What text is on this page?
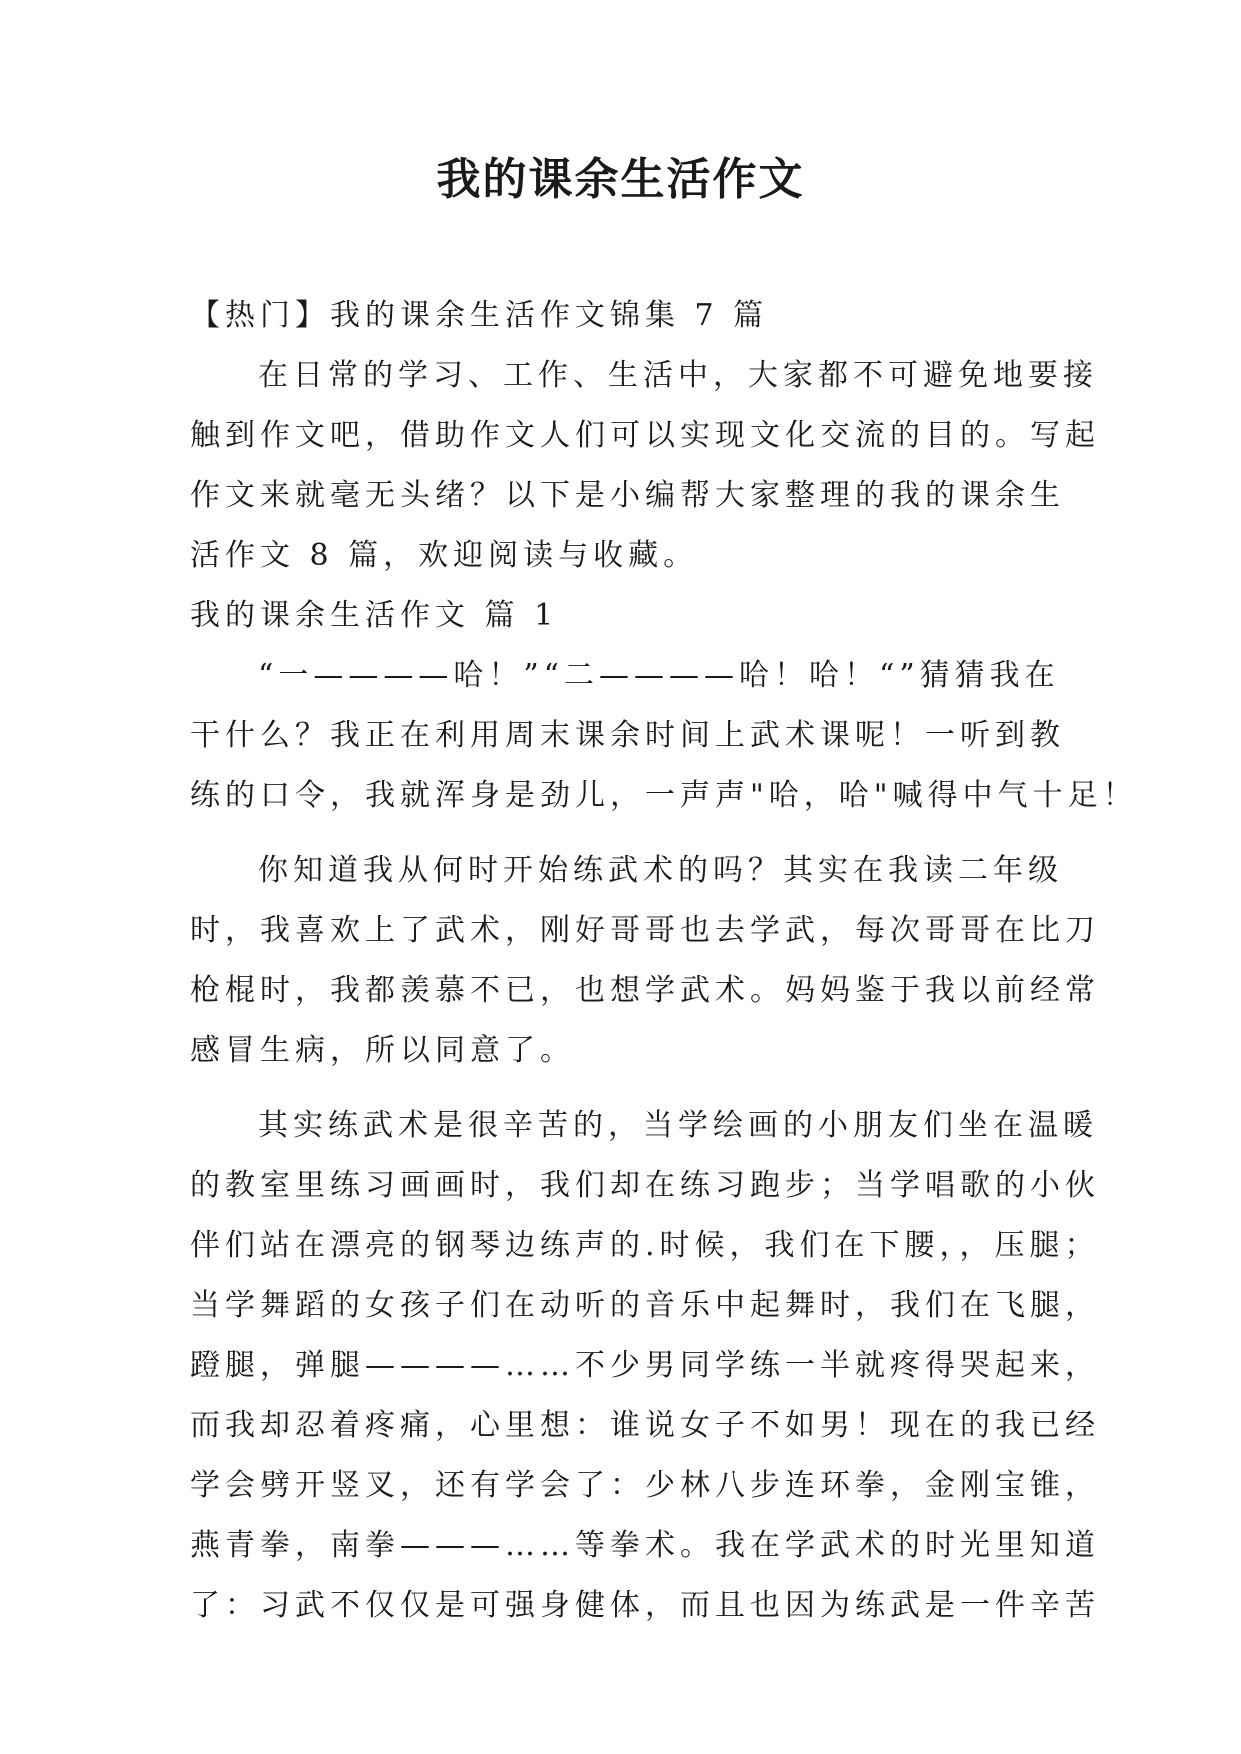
我的课余生活作文
【热门】我的课余生活作文锦集 7 篇
在日常的学习、工作、生活中，大家都不可避免地要接
触到作文吧，借助作文人们可以实现文化交流的目的。写起
作文来就毫无头绪？以下是小编帮大家整理的我的课余生
活作文 8 篇，欢迎阅读与收藏。
我的课余生活作文 篇 1
“一————哈！”“二————哈！哈！“”猜猜我在
干什么？我正在利用周末课余时间上武术课呢！一听到教
练的口令，我就浑身是劲儿，一声声"哈，哈"喊得中气十足！
你知道我从何时开始练武术的吗？其实在我读二年级
时，我喜欢上了武术，刚好哥哥也去学武，每次哥哥在比刀
枪棍时，我都羡慕不已，也想学武术。妈妈鉴于我以前经常
感冒生病，所以同意了。
其实练武术是很辛苦的，当学绘画的小朋友们坐在温暖
的教室里练习画画时，我们却在练习跑步；当学唱歌的小伙
伴们站在漂亮的钢琴边练声的.时候，我们在下腰，，压腿；
当学舞蹈的女孩子们在动听的音乐中起舞时，我们在飞腿，
蹬腿，弹腿————……不少男同学练一半就疼得哭起来，
而我却忍着疼痛，心里想：谁说女子不如男！现在的我已经
学会劈开竖叉，还有学会了：少林八步连环拳，金刚宝锥，
燕青拳，南拳———……等拳术。我在学武术的时光里知道
了：习武不仅仅是可强身健体，而且也因为练武是一件辛苦
